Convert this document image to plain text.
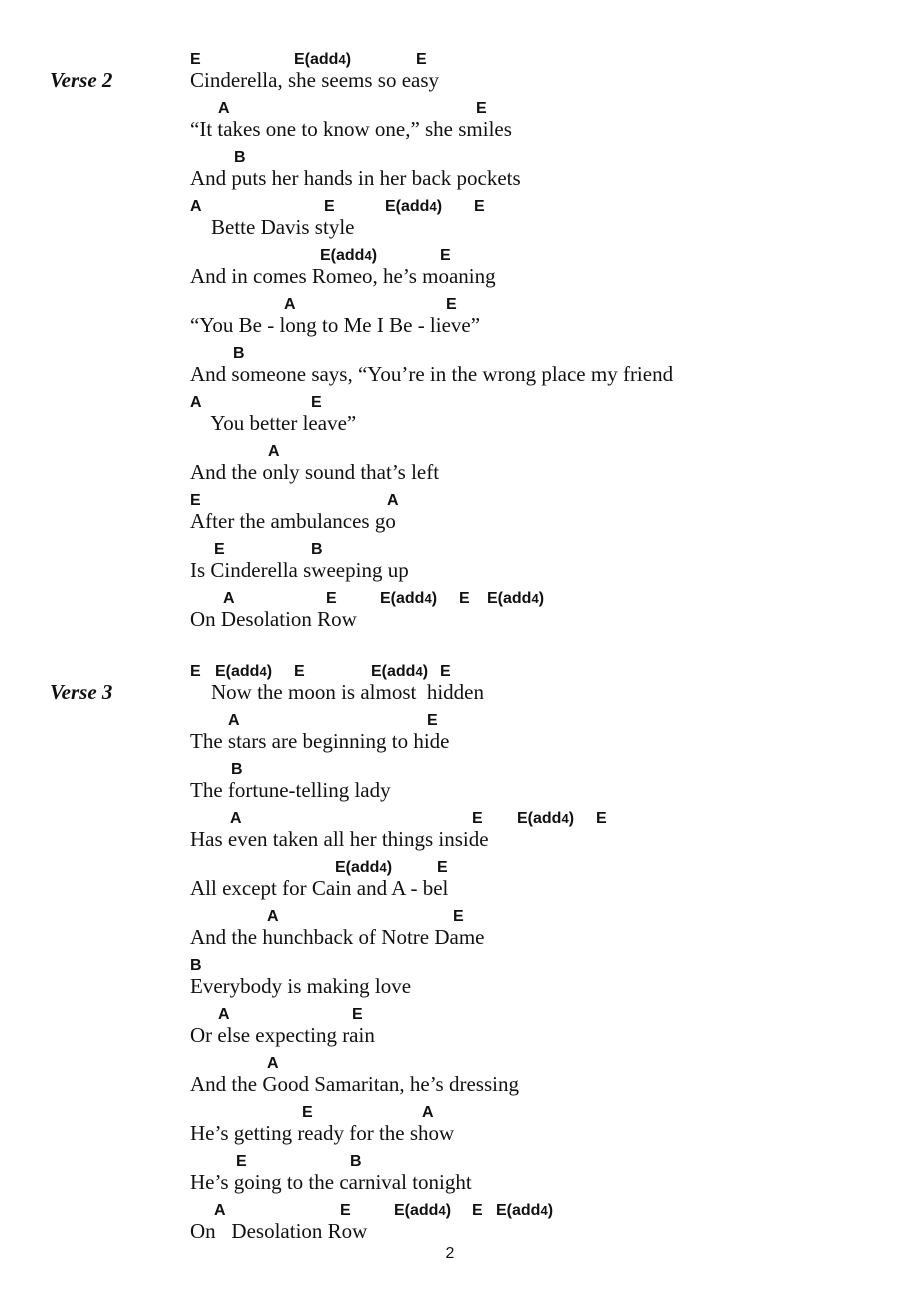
Verse 2
E	E(add4)	E
Cinderella, she seems so easy
A	E
“It takes one to know one,” she smiles
B
And puts her hands in her back pockets
A	E	E(add4) E
Bette Davis style
E(add4)	E
And in comes Romeo, he’s moaning
A	E
“You Be - long to Me I Be - lieve”
B
And someone says, “You’re in the wrong place my friend
A	E
You better leave”
A
And the only sound that’s left
E	A
After the ambulances go
E	B
Is Cinderella sweeping up
A	E	E(add4) E E(add4)
On Desolation Row
Verse 3
E E(add4) E	E(add4) E
Now the moon is almost  hidden
A	E
The stars are beginning to hide
B
The fortune-telling lady
A	E E(add4) E
Has even taken all her things inside
E(add4)	E
All except for Cain and A - bel
A	E
And the hunchback of Notre Dame
B
Everybody is making love
A	E
Or else expecting rain
A
And the Good Samaritan, he’s dressing
E	A
He’s getting ready for the show
E	B
He’s going to the carnival tonight
A	E	E(add4) E E(add4)
On   Desolation Row
2
